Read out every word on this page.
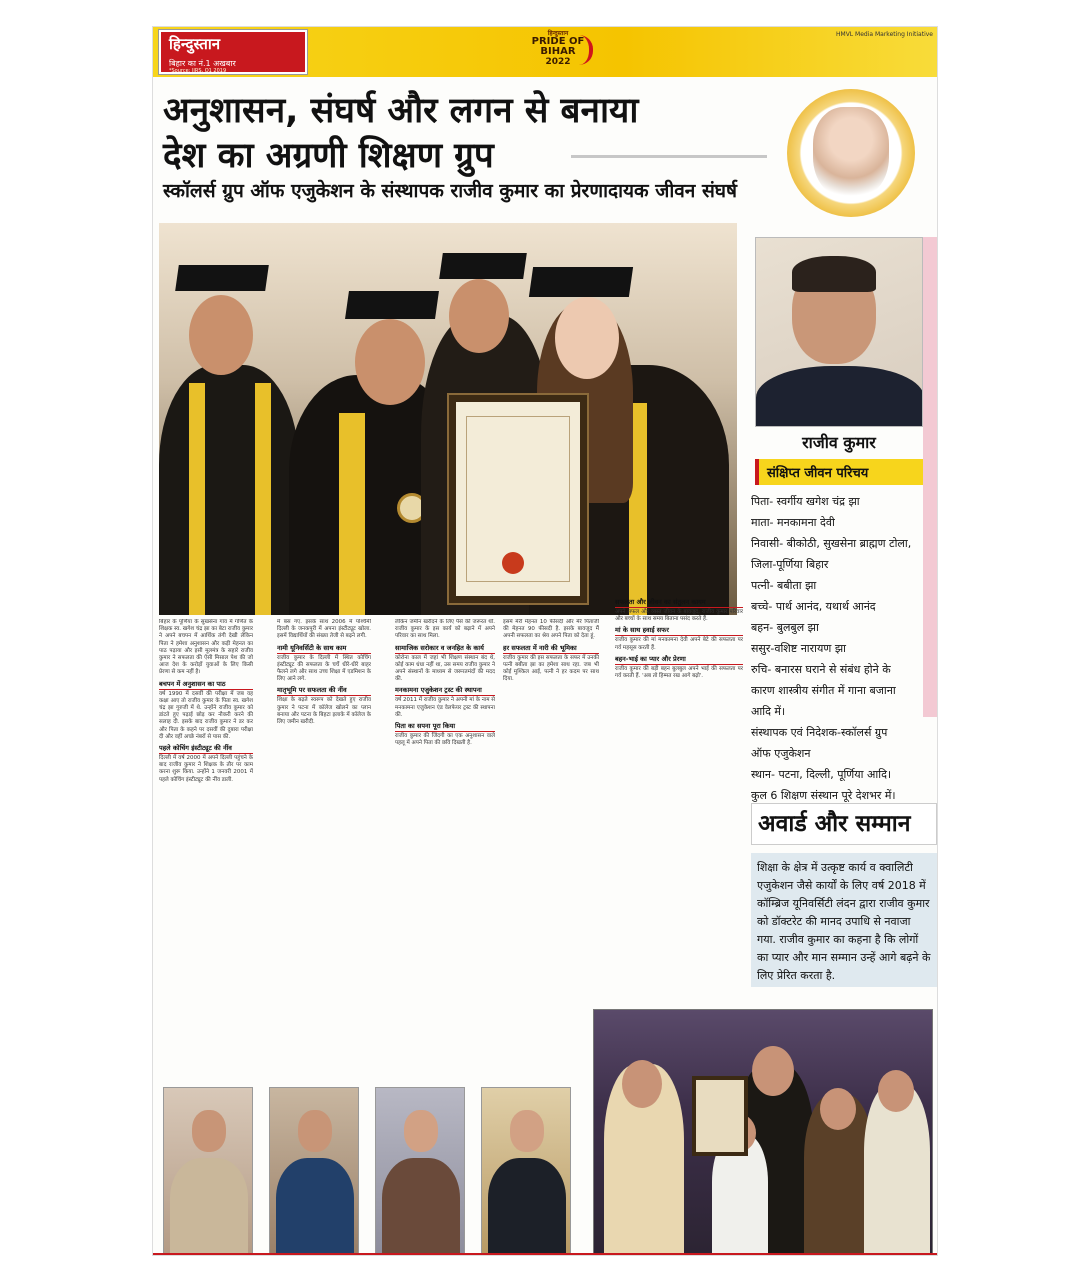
हिन्दुस्तान
बिहार का नं.1 अखबार
*Source: IIRS, Q1 2019
हिन्दुस्तान
PRIDE OF BIHAR
2022
HMVL Media Marketing Initiative
अनुशासन, संघर्ष और लगन से बनाया
देश का अग्रणी शिक्षण ग्रुप
स्कॉलर्स ग्रुप ऑफ एजुकेशन के संस्थापक राजीव कुमार का प्रेरणादायक जीवन संघर्ष
राजीव कुमार
संक्षिप्त जीवन परिचय
पिता- स्वर्गीय खगेश चंद्र झा
माता- मनकामना देवी
निवासी- बीकोठी, सुखसेना ब्राह्मण टोला,
जिला-पूर्णिया बिहार
पत्नी- बबीता झा
बच्चे- पार्थ आनंद, यथार्थ आनंद
बहन- बुलबुल झा
ससुर-वशिष्ट नारायण झा
रुचि- बनारस घराने से संबंध होने के
कारण शास्त्रीय संगीत में गाना बजाना
आदि में।
संस्थापक एवं निदेशक-स्कॉलर्स ग्रुप
ऑफ एजुकेशन
स्थान- पटना, दिल्ली, पूर्णिया आदि।
कुल 6 शिक्षण संस्थान पूरे देशभर में।
अवार्ड और सम्मान
शिक्षा के क्षेत्र में उत्कृष्ट कार्य व क्वालिटी एजुकेशन जैसे कार्यों के लिए वर्ष 2018 में कॉम्ब्रिज यूनिवर्सिटी लंदन द्वारा राजीव कुमार को डॉक्टरेट की मानद उपाधि से नवाजा गया. राजीव कुमार का कहना है कि लोगों का प्यार और मान सम्मान उन्हें आगे बढ़ने के लिए प्रेरित करता है.

बिहार के पूर्णिया के सुखसेना गांव में गणित के शिक्षक स्व. खगेश चंद्र झा का बेटा राजीव कुमार ने अपने बचपन में आर्थिक तंगी देखी लेकिन पिता ने हमेशा अनुशासन और कड़ी मेहनत का पाठ पढ़ाया और इसी मूलमंत्र के सहारे राजीव कुमार ने सफलता की ऐसी मिसाल पेश की जो आज देश के करोड़ों युवाओं के लिए किसी प्रेरणा से कम नहीं है।

बचपन में अनुशासन का पाठ

वर्ष 1990 में दसवीं की परीक्षा में जब वह कक्षा आए तो राजीव कुमार के पिता स्व. खगेश चंद्र झा गुरुजी में थे. उन्होंने राजीव कुमार को डांटते हुए पढ़ाई छोड़ कर नौकरी करने की सलाह दी. इसके बाद राजीव कुमार ने डर कर और पिता के कहने पर दसवीं की दुबारा परीक्षा दी और वहीं अच्छे नंबरों से पास की.

पहले कोचिंग इंस्टीट्यूट की नींव

दिल्ली में वर्ष 2000 में अपने दिल्ली पहुंचने के बाद राजीव कुमार ने शिक्षक के तौर पर काम करना शुरू किया. उन्होंने 1 जनवरी 2001 में पहले कोचिंग इंस्टीट्यूट की नींव डाली.

में बस गए. इसके साथ 2006 में पश्चिमी दिल्ली के जनकपुरी में अपना इंस्टीट्यूट खोला. इसमें विद्यार्थियों की संख्या तेजी से बढ़ने लगी.

नामी यूनिवर्सिटी के साथ काम

राजीव कुमार के दिल्ली में स्थित कोचिंग इंस्टीट्यूट की सफलता के चर्चे धीरे-धीरे बाहर फैलने लगे और साथ उच्च शिक्षा में एडमिशन के लिए आने लगे.

मातृभूमि पर सफलता की नींव

शिक्षा के बढ़ते स्वरूप को देखते हुए राजीव कुमार ने पटना में कॉलेज खोलने का प्लान बनाया और पटना के बिहटा इलाके में कॉलेज के लिए जमीन खरीदी.

लेकिन जमीन खरीदने के लिए पैसे की जरूरत थी. राजीव कुमार के इस कार्य को बढ़ाने में अपने परिवार का साथ मिला.

सामाजिक सरोकार व जनहित के कार्य

कोरोना काल में जहां भी शिक्षण संस्थान बंद थे, कोई काम धंधा नहीं था, उस समय राजीव कुमार ने अपने संस्थानों के माध्यम से जरूरतमंदों की मदद की.

मनकामना एजुकेशन ट्रस्ट की स्थापना

वर्ष 2011 में राजीव कुमार ने अपनी मां के नाम से मनकामना एजुकेशन एंड वेलफेयर ट्रस्ट की स्थापना की.

पिता का सपना पूरा किया

राजीव कुमार की जिंदगी का एक अनुशासन वाले पहलू में अपने पिता की छवि दिखती है.

इसमें मेरी मेहनत 10 फीसदी और मेरे पिताजी की मेहनत 90 फीसदी है. इसके बावजूद मैं अपनी सफलता का श्रेय अपने पिता को देता हूं.

हर सफलता में नारी की भूमिका

राजीव कुमार की इस सफलता के सफर में उनकी पत्नी बबीता झा का हमेशा साथ रहा. जब भी कोई मुश्किल आई, पत्नी ने हर कदम पर साथ दिया.

सफलता और जीवन का संतुलन कायम

अपने सफल और व्यस्त जीवन के बावजूद, राजीव कुमार परिवार और बच्चों के साथ समय बिताना पसंद करते हैं.

मां के साथ हवाई सफर

राजीव कुमार की मां मनकामना देवी अपने बेटे की सफलता पर गर्व महसूस करती हैं.

बहन-भाई का प्यार और प्रेरणा

राजीव कुमार की बड़ी बहन बुलबुल अपने भाई की सफलता पर गर्व करती हैं. 'अब तो हिम्मत रख आगे बढ़ो'.
